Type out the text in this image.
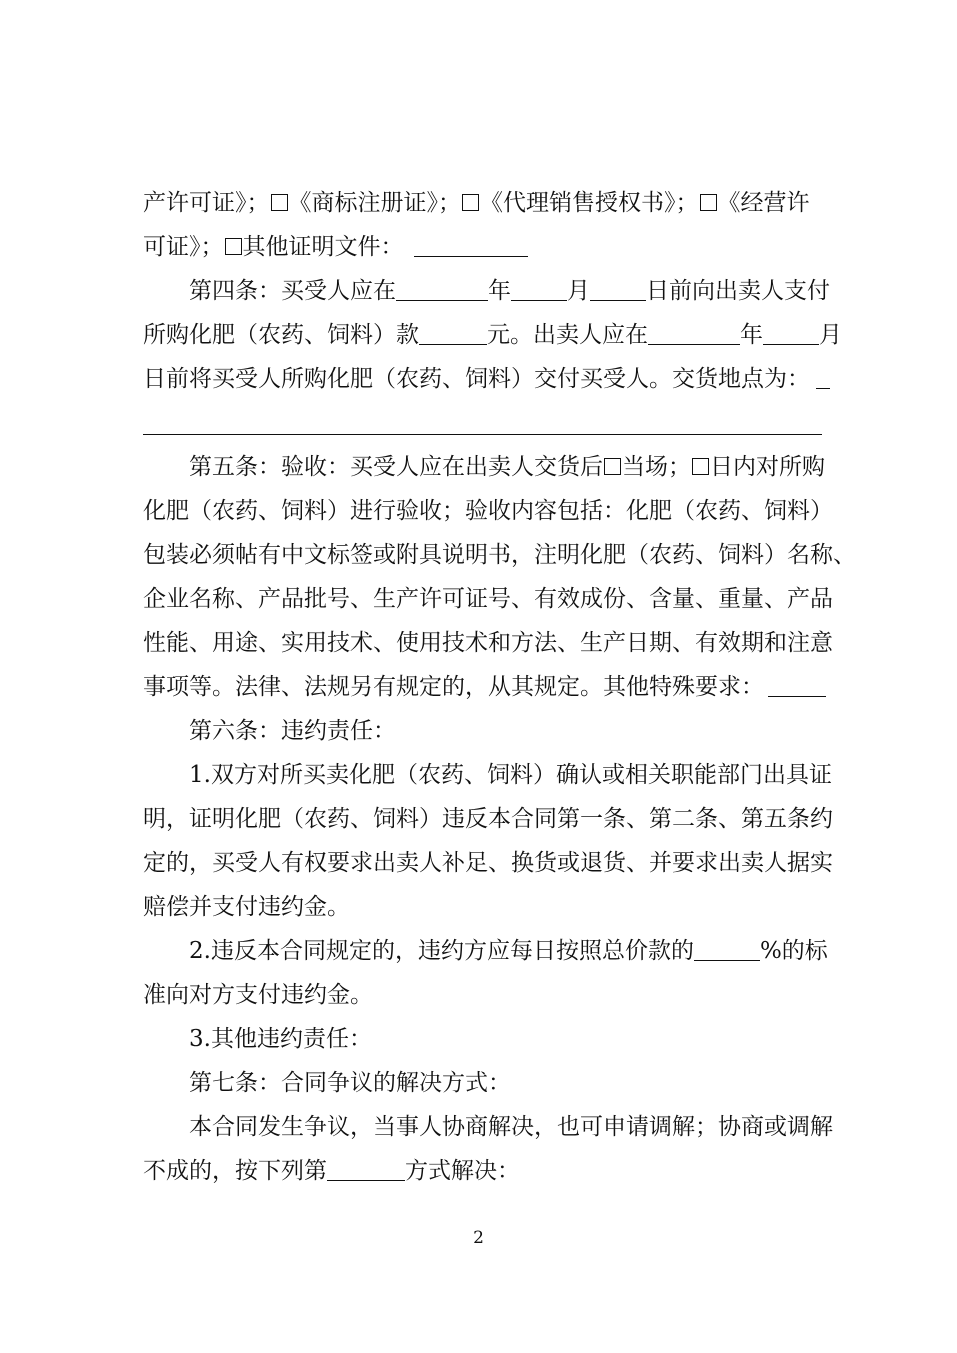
产许可证》； 《商标注册证》； 《代理销售授权书》； 《经营许
可证》； 其他证明文件：
第四条：买受人应在	年 月 日前向出卖人支付
所购化肥（农药、饲料）款	元。出卖人应在	年 月
日前将买受人所购化肥（农药、饲料）交付买受人。交货地点为：
第五条：验收：买受人应在出卖人交货后 当场； 日内对所购
化肥（农药、饲料）进行验收；验收内容包括：化肥（农药、饲料）
包装必须帖有中文标签或附具说明书，注明化肥（农药、饲料）名称、
企业名称、产品批号、生产许可证号、有效成份、含量、重量、产品
性能、用途、实用技术、使用技术和方法、生产日期、有效期和注意
事项等。法律、法规另有规定的，从其规定。其他特殊要求：
第六条：违约责任：
1.双方对所买卖化肥（农药、饲料）确认或相关职能部门出具证
明，证明化肥（农药、饲料）违反本合同第一条、第二条、第五条约
定的，买受人有权要求出卖人补足、换货或退货、并要求出卖人据实
赔偿并支付违约金。
2.违反本合同规定的，违约方应每日按照总价款的	%的标
准向对方支付违约金。
3.其他违约责任：
第七条：合同争议的解决方式：
本合同发生争议，当事人协商解决，也可申请调解；协商或调解
不成的，按下列第	方式解决：
2
